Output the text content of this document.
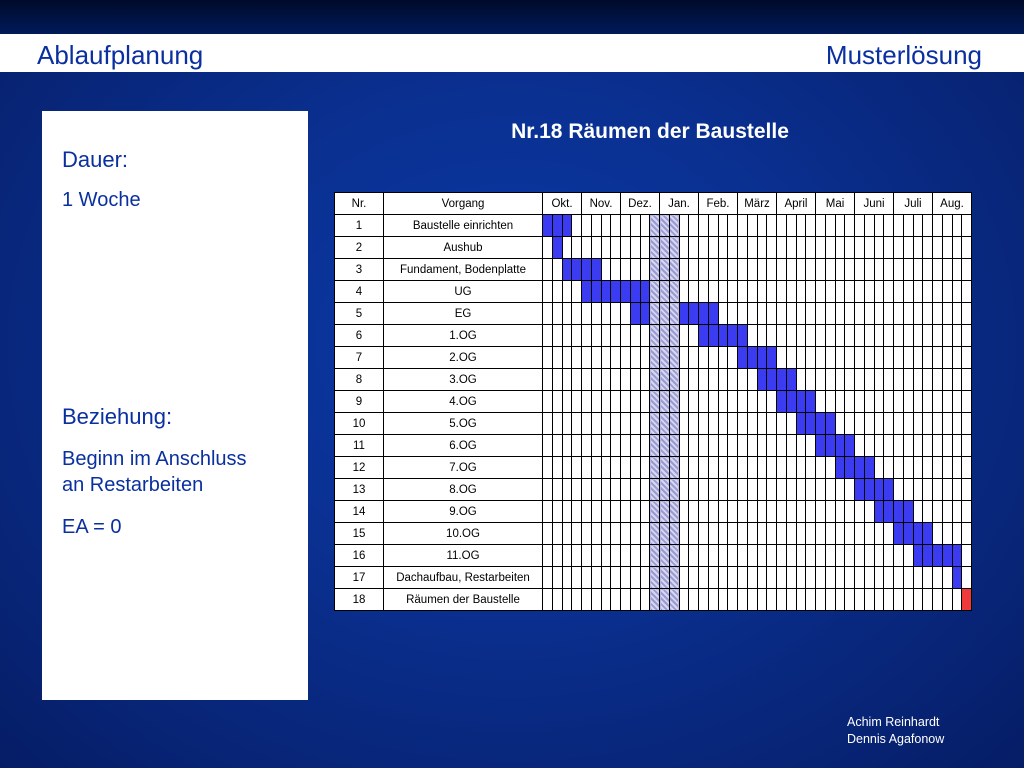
Ablaufplanung	Musterlösung
Dauer:
1 Woche
Beziehung:
Beginn im Anschluss
an Restarbeiten
EA = 0
Nr.18 Räumen der Baustelle
Nr.	Vorgang	Okt.				Nov.				Dez.				Jan.				Feb.				März				April				Mai				Juni				Juli				Aug.			
1	Baustelle einrichten																																												
2	Aushub																																												
3	Fundament, Bodenplatte																																												
4	UG																																												
5	EG																																												
6	1.OG																																												
7	2.OG																																												
8	3.OG																																												
9	4.OG																																												
10	5.OG																																												
11	6.OG																																												
12	7.OG																																												
13	8.OG																																												
14	9.OG																																												
15	10.OG																																												
16	11.OG																																												
17	Dachaufbau, Restarbeiten																																												
18	Räumen der Baustelle																																												
Achim Reinhardt
Dennis Agafonow
